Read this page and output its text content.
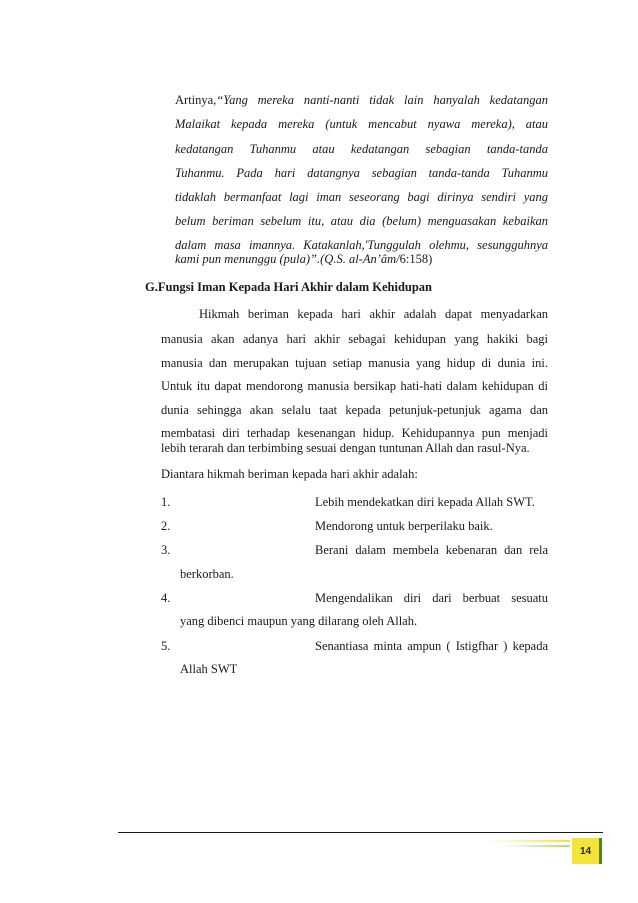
Artinya,“Yang mereka nanti-nanti tidak lain hanyalah kedatangan
Malaikat kepada mereka (untuk mencabut nyawa mereka), atau
kedatangan Tuhanmu atau kedatangan sebagian tanda-tanda
Tuhanmu. Pada hari datangnya sebagian tanda-tanda Tuhanmu
tidaklah bermanfaat lagi iman seseorang bagi dirinya sendiri yang
belum beriman sebelum itu, atau dia (belum) menguasakan kebaikan
dalam masa imannya. Katakanlah,'Tunggulah olehmu, sesungguhnya
kami pun menunggu (pula)”.(Q.S. al-An’âm/6:158)
G.Fungsi Iman Kepada Hari Akhir dalam Kehidupan
Hikmah beriman kepada hari akhir adalah dapat menyadarkan
manusia akan adanya hari akhir sebagai kehidupan yang hakiki bagi
manusia dan merupakan tujuan setiap manusia yang hidup di dunia ini.
Untuk itu dapat mendorong manusia bersikap hati-hati dalam kehidupan di
dunia sehingga akan selalu taat kepada petunjuk-petunjuk agama dan
membatasi diri terhadap kesenangan hidup. Kehidupannya pun menjadi
lebih terarah dan terbimbing sesuai dengan tuntunan Allah dan rasul-Nya.
Diantara hikmah beriman kepada hari akhir adalah:
1.	Lebih mendekatkan diri kepada Allah SWT.
2.	Mendorong untuk berperilaku baik.
3.	Berani dalam membela kebenaran dan rela
berkorban.
4.	Mengendalikan diri dari berbuat sesuatu
yang dibenci maupun yang dilarang oleh Allah.
5.	Senantiasa minta ampun ( Istigfhar ) kepada
Allah SWT
14
